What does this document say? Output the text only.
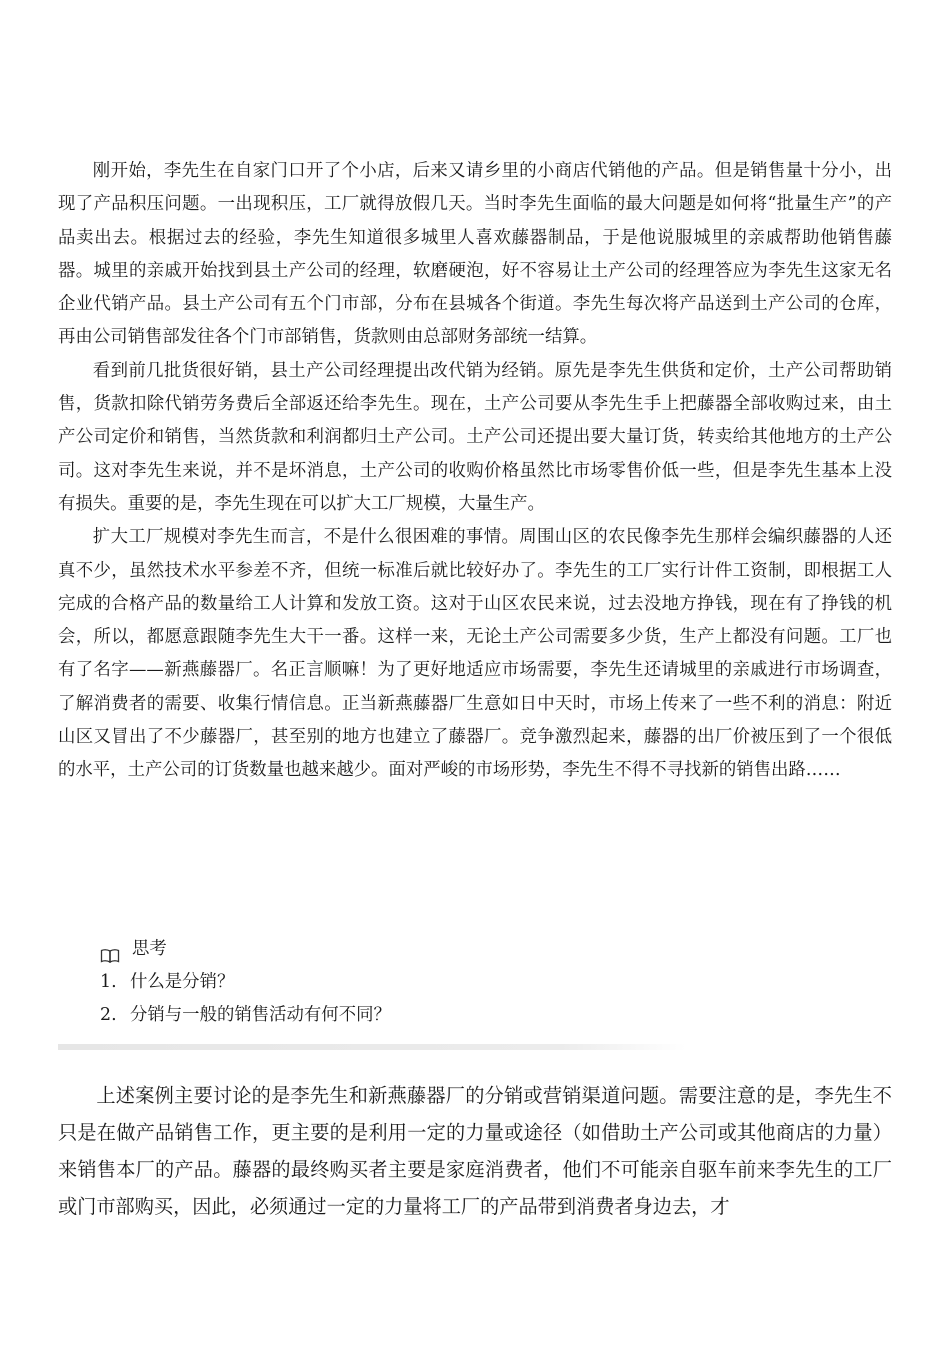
刚开始，李先生在自家门口开了个小店，后来又请乡里的小商店代销他的产品。但是销售量十分小，出现了产品积压问题。一出现积压，工厂就得放假几天。当时李先生面临的最大问题是如何将“批量生产”的产品卖出去。根据过去的经验，李先生知道很多城里人喜欢藤器制品，于是他说服城里的亲戚帮助他销售藤器。城里的亲戚开始找到县土产公司的经理，软磨硬泡，好不容易让土产公司的经理答应为李先生这家无名企业代销产品。县土产公司有五个门市部，分布在县城各个街道。李先生每次将产品送到土产公司的仓库，再由公司销售部发往各个门市部销售，货款则由总部财务部统一结算。

看到前几批货很好销，县土产公司经理提出改代销为经销。原先是李先生供货和定价，土产公司帮助销售，货款扣除代销劳务费后全部返还给李先生。现在，土产公司要从李先生手上把藤器全部收购过来，由土产公司定价和销售，当然货款和利润都归土产公司。土产公司还提出要大量订货，转卖给其他地方的土产公司。这对李先生来说，并不是坏消息，土产公司的收购价格虽然比市场零售价低一些，但是李先生基本上没有损失。重要的是，李先生现在可以扩大工厂规模，大量生产。

扩大工厂规模对李先生而言，不是什么很困难的事情。周围山区的农民像李先生那样会编织藤器的人还真不少，虽然技术水平参差不齐，但统一标准后就比较好办了。李先生的工厂实行计件工资制，即根据工人完成的合格产品的数量给工人计算和发放工资。这对于山区农民来说，过去没地方挣钱，现在有了挣钱的机会，所以，都愿意跟随李先生大干一番。这样一来，无论土产公司需要多少货，生产上都没有问题。工厂也有了名字——新燕藤器厂。名正言顺嘛！为了更好地适应市场需要，李先生还请城里的亲戚进行市场调查，了解消费者的需要、收集行情信息。正当新燕藤器厂生意如日中天时，市场上传来了一些不利的消息：附近山区又冒出了不少藤器厂，甚至别的地方也建立了藤器厂。竞争激烈起来，藤器的出厂价被压到了一个很低的水平，土产公司的订货数量也越来越少。面对严峻的市场形势，李先生不得不寻找新的销售出路……

思考
1. 什么是分销？
2. 分销与一般的销售活动有何不同？

上述案例主要讨论的是李先生和新燕藤器厂的分销或营销渠道问题。需要注意的是，李先生不只是在做产品销售工作，更主要的是利用一定的力量或途径（如借助土产公司或其他商店的力量）来销售本厂的产品。藤器的最终购买者主要是家庭消费者，他们不可能亲自驱车前来李先生的工厂或门市部购买，因此，必须通过一定的力量将工厂的产品带到消费者身边去，才
